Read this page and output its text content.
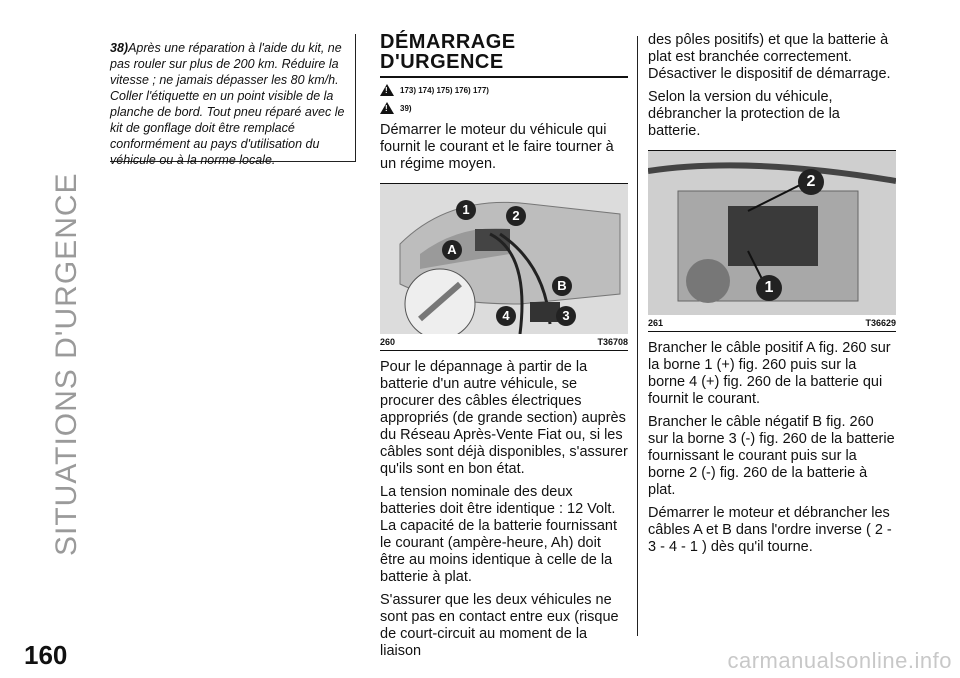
SITUATIONS D'URGENCE

38)Après une réparation à l'aide du kit, ne pas rouler sur plus de 200 km. Réduire la vitesse ; ne jamais dépasser les 80 km/h. Coller l'étiquette en un point visible de la planche de bord. Tout pneu réparé avec le kit de gonflage doit être remplacé conformément au pays d'utilisation du véhicule ou à la norme locale.

DÉMARRAGE D'URGENCE
!
173) 174) 175) 176) 177)
!
39)

Démarrer le moteur du véhicule qui fournit le courant et le faire tourner à un régime moyen.

1	2
A
B
4	3
260	T36708

Pour le dépannage à partir de la batterie d'un autre véhicule, se procurer des câbles électriques appropriés (de grande section) auprès du Réseau Après-Vente Fiat ou, si les câbles sont déjà disponibles, s'assurer qu'ils sont en bon état.

La tension nominale des deux batteries doit être identique : 12 Volt. La capacité de la batterie fournissant le courant (ampère-heure, Ah) doit être au moins identique à celle de la batterie à plat.

S'assurer que les deux véhicules ne sont pas en contact entre eux (risque de court-circuit au moment de la liaison

des pôles positifs) et que la batterie à plat est branchée correctement. Désactiver le dispositif de démarrage.

Selon la version du véhicule, débrancher la protection de la batterie.

2
1
261	T36629

Brancher le câble positif A fig. 260 sur la borne 1 (+) fig. 260 puis sur la borne 4 (+) fig. 260 de la batterie qui fournit le courant.

Brancher le câble négatif B fig. 260 sur la borne 3 (-) fig. 260 de la batterie fournissant le courant puis sur la borne 2 (-) fig. 260 de la batterie à plat.

Démarrer le moteur et débrancher les câbles A et B dans l'ordre inverse ( 2 - 3 - 4 - 1 ) dès qu'il tourne.

160	carmanualsonline.info
